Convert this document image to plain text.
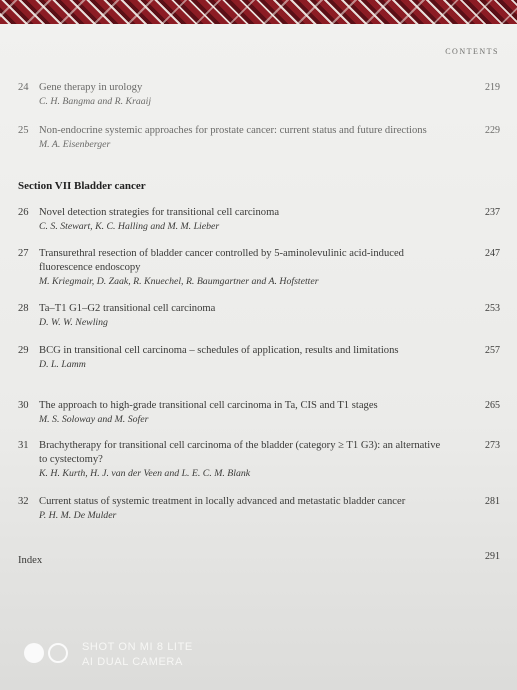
CONTENTS
24 Gene therapy in urology
C. H. Bangma and R. Kraaij
219
25 Non-endocrine systemic approaches for prostate cancer: current status and future directions
M. A. Eisenberger
229
Section VII Bladder cancer
26 Novel detection strategies for transitional cell carcinoma
C. S. Stewart, K. C. Halling and M. M. Lieber
237
27 Transurethral resection of bladder cancer controlled by 5-aminolevulinic acid-induced fluorescence endoscopy
M. Kriegmair, D. Zaak, R. Knuechel, R. Baumgartner and A. Hofstetter
247
28 Ta–T1 G1–G2 transitional cell carcinoma
D. W. W. Newling
253
29 BCG in transitional cell carcinoma – schedules of application, results and limitations
D. L. Lamm
257
30 The approach to high-grade transitional cell carcinoma in Ta, CIS and T1 stages
M. S. Soloway and M. Sofer
265
31 Brachytherapy for transitional cell carcinoma of the bladder (category ≥ T1 G3): an alternative to cystectomy?
K. H. Kurth, H. J. van der Veen and L. E. C. M. Blank
273
32 Current status of systemic treatment in locally advanced and metastatic bladder cancer
P. H. M. De Mulder
281
Index	291
SHOT ON MI 8 LITE
AI DUAL CAMERA
